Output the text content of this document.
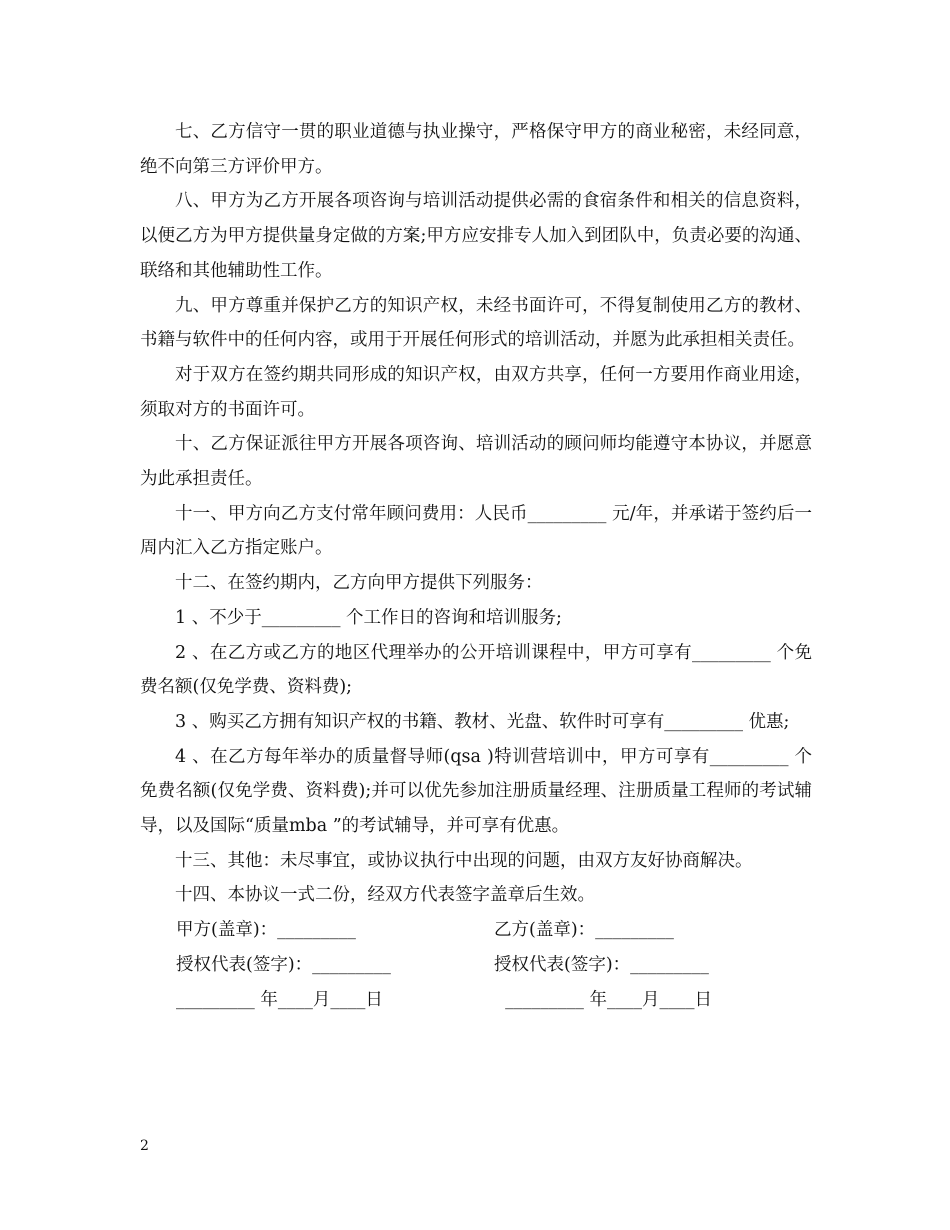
七、乙方信守一贯的职业道德与执业操守，严格保守甲方的商业秘密，未经同意，绝不向第三方评价甲方。

八、甲方为乙方开展各项咨询与培训活动提供必需的食宿条件和相关的信息资料，以便乙方为甲方提供量身定做的方案;甲方应安排专人加入到团队中，负责必要的沟通、联络和其他辅助性工作。

九、甲方尊重并保护乙方的知识产权，未经书面许可，不得复制使用乙方的教材、书籍与软件中的任何内容，或用于开展任何形式的培训活动，并愿为此承担相关责任。

对于双方在签约期共同形成的知识产权，由双方共享，任何一方要用作商业用途，须取对方的书面许可。

十、乙方保证派往甲方开展各项咨询、培训活动的顾问师均能遵守本协议，并愿意为此承担责任。

十一、甲方向乙方支付常年顾问费用：人民币_________ 元/年，并承诺于签约后一周内汇入乙方指定账户。

十二、在签约期内，乙方向甲方提供下列服务：

1 、不少于_________ 个工作日的咨询和培训服务;

2 、在乙方或乙方的地区代理举办的公开培训课程中，甲方可享有_________ 个免费名额(仅免学费、资料费);

3 、购买乙方拥有知识产权的书籍、教材、光盘、软件时可享有_________ 优惠;

4 、在乙方每年举办的质量督导师(qsa )特训营培训中，甲方可享有_________ 个免费名额(仅免学费、资料费);并可以优先参加注册质量经理、注册质量工程师的考试辅导，以及国际“质量mba ”的考试辅导，并可享有优惠。

十三、其他：未尽事宜，或协议执行中出现的问题，由双方友好协商解决。

十四、本协议一式二份，经双方代表签字盖章后生效。

甲方(盖章)：_________	乙方(盖章)：_________
授权代表(签字)：_________	授权代表(签字)：_________
_________ 年____月____日	_________ 年____月____日
2
